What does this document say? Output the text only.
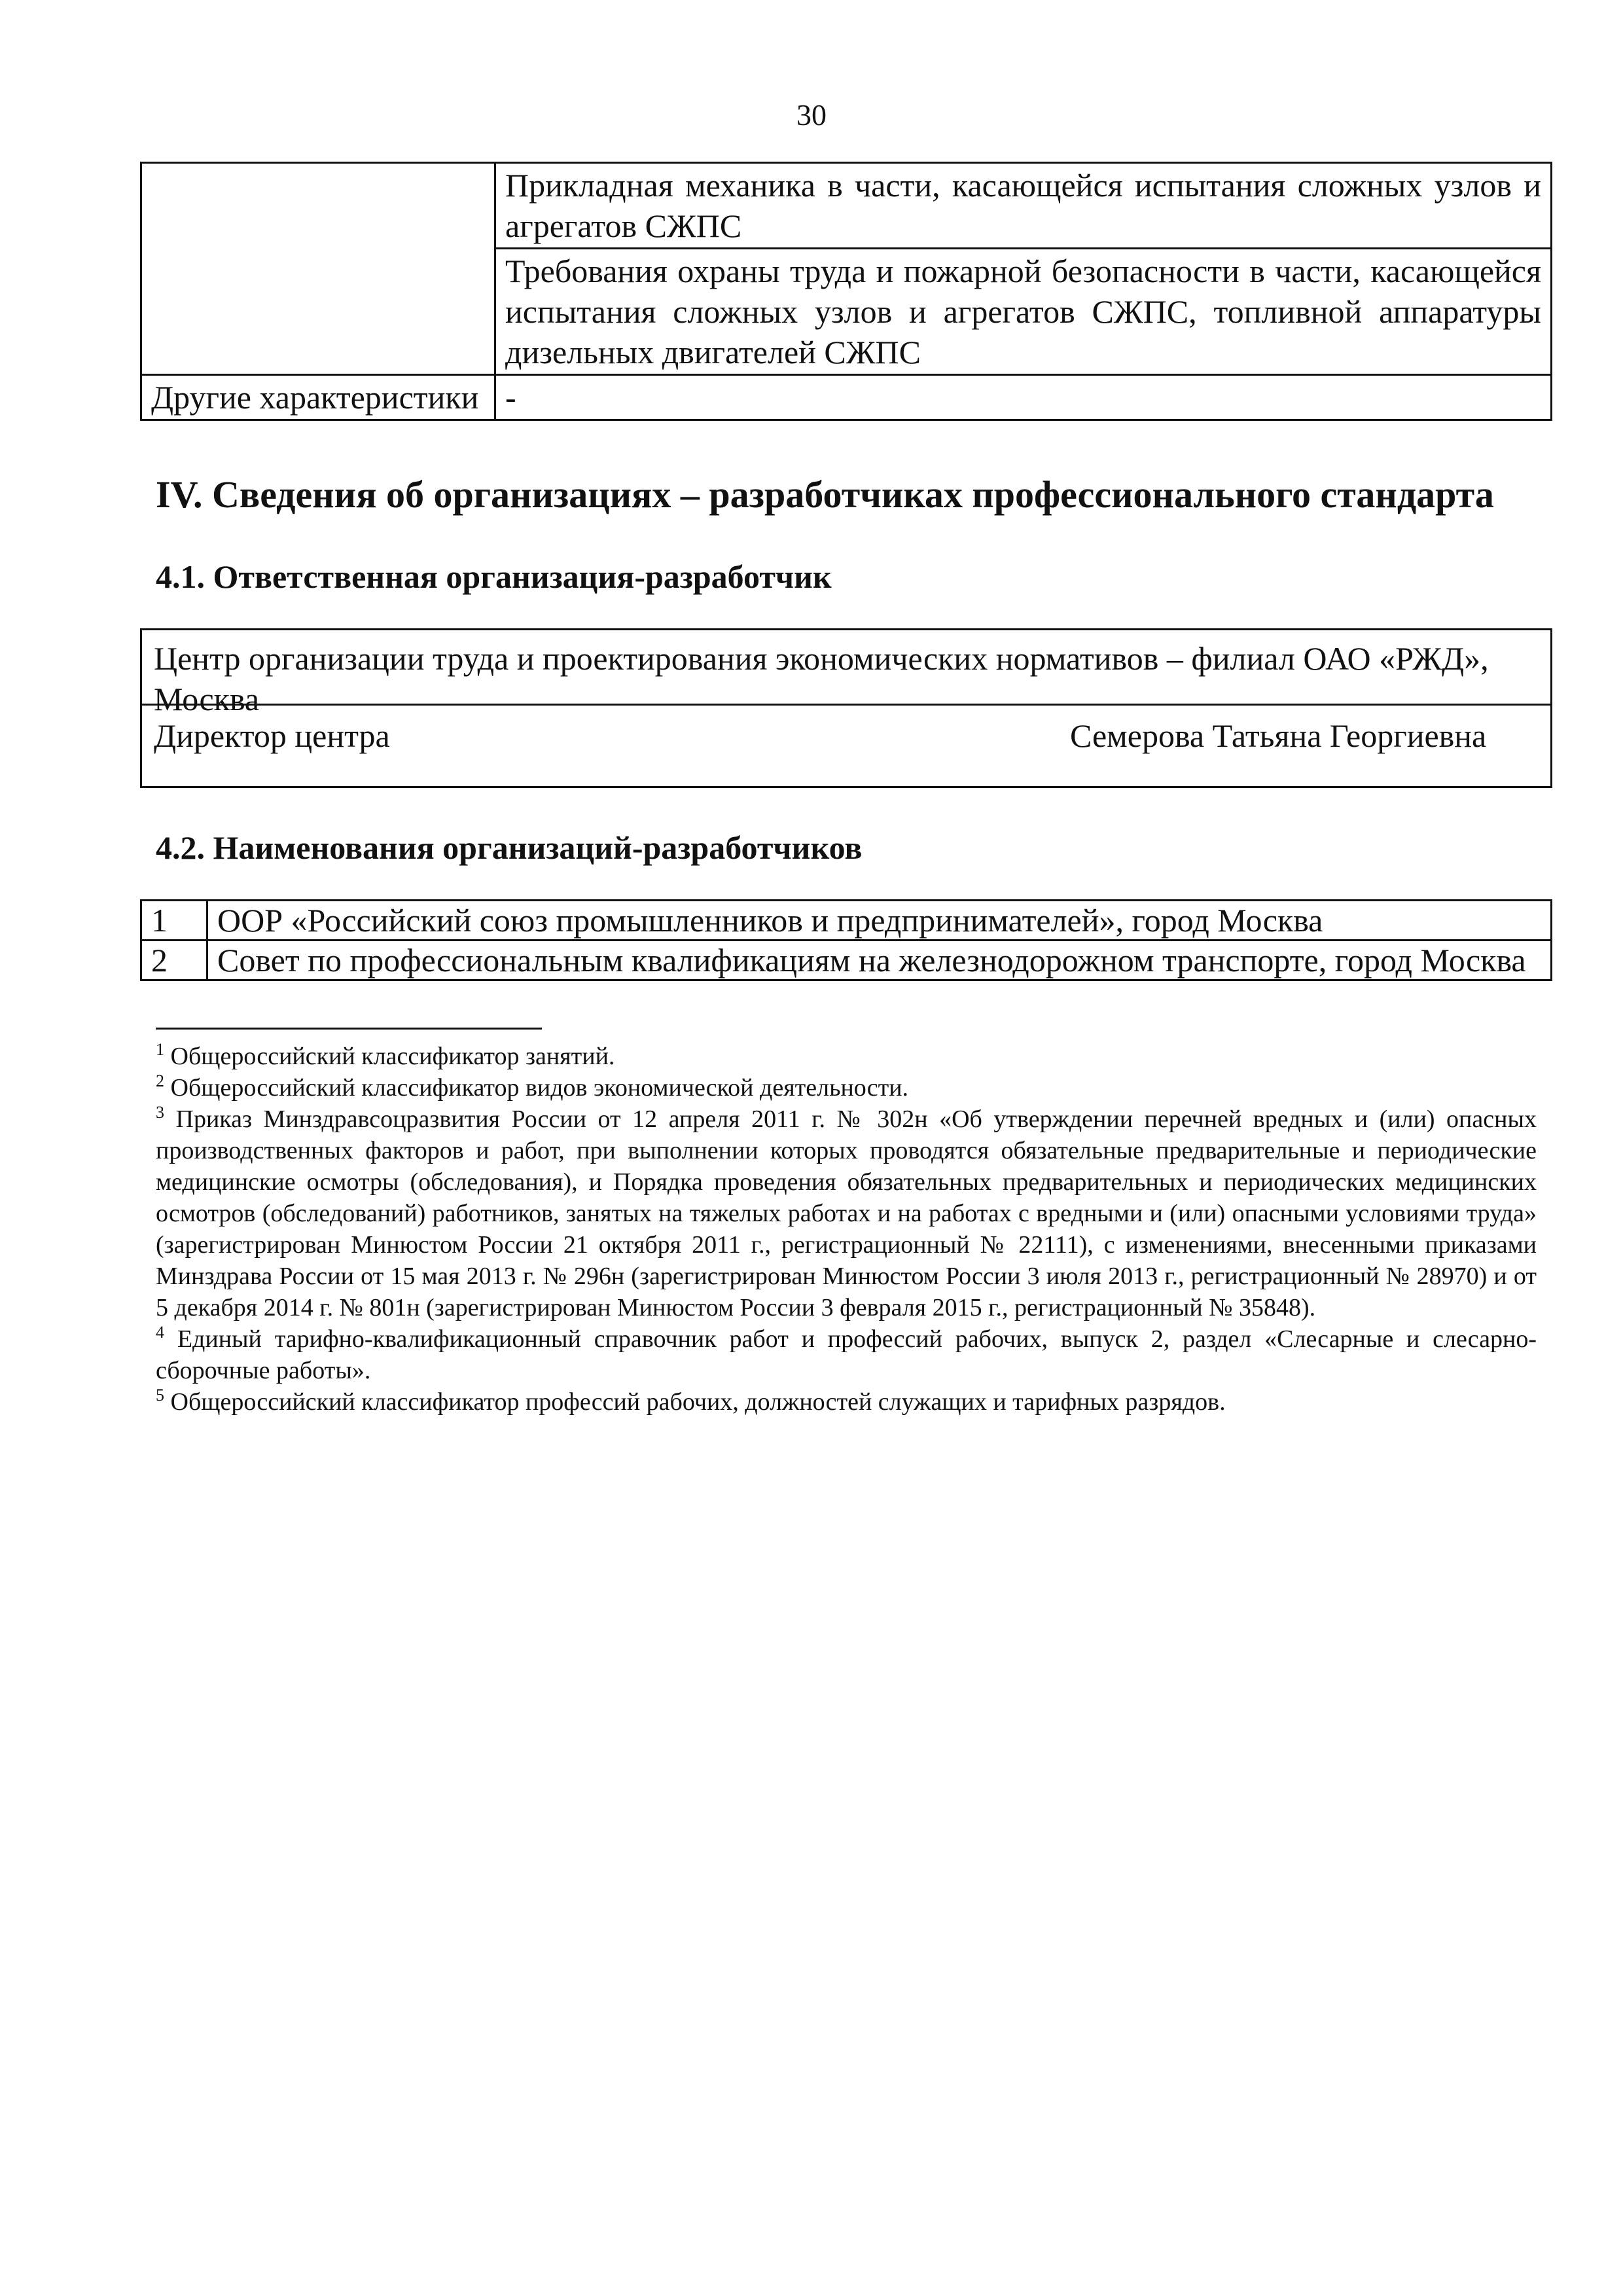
30
	Прикладная механика в части, касающейся испытания сложных узлов и агрегатов СЖПС
	Требования охраны труда и пожарной безопасности в части, касающейся испытания сложных узлов и агрегатов СЖПС, топливной аппаратуры дизельных двигателей СЖПС
Другие характеристики	-
IV. Сведения об организациях – разработчиках профессионального стандарта
4.1. Ответственная организация-разработчик
Центр организации труда и проектирования экономических нормативов – филиал ОАО «РЖД», Москва
Директор центра	Семерова Татьяна Георгиевна
4.2. Наименования организаций-разработчиков
1	ООР «Российский союз промышленников и предпринимателей», город Москва
2	Совет по профессиональным квалификациям на железнодорожном транспорте, город Москва

$^1$ Общероссийский классификатор занятий.

$^2$ Общероссийский классификатор видов экономической деятельности.

$^3$ Приказ Минздравсоцразвития России от 12 апреля 2011 г. № 302н «Об утверждении перечней вредных и (или) опасных производственных факторов и работ, при выполнении которых проводятся обязательные предварительные и периодические медицинские осмотры (обследования), и Порядка проведения обязательных предварительных и периодических медицинских осмотров (обследований) работников, занятых на тяжелых работах и на работах с вредными и (или) опасными условиями труда» (зарегистрирован Минюстом России 21 октября 2011 г., регистрационный № 22111), с изменениями, внесенными приказами Минздрава России от 15 мая 2013 г. № 296н (зарегистрирован Минюстом России 3 июля 2013 г., регистрационный № 28970) и от 5 декабря 2014 г. № 801н (зарегистрирован Минюстом России 3 февраля 2015 г., регистрационный № 35848).

$^4$ Единый тарифно-квалификационный справочник работ и профессий рабочих, выпуск 2, раздел «Слесарные и слесарно-сборочные работы».

$^5$ Общероссийский классификатор профессий рабочих, должностей служащих и тарифных разрядов.
